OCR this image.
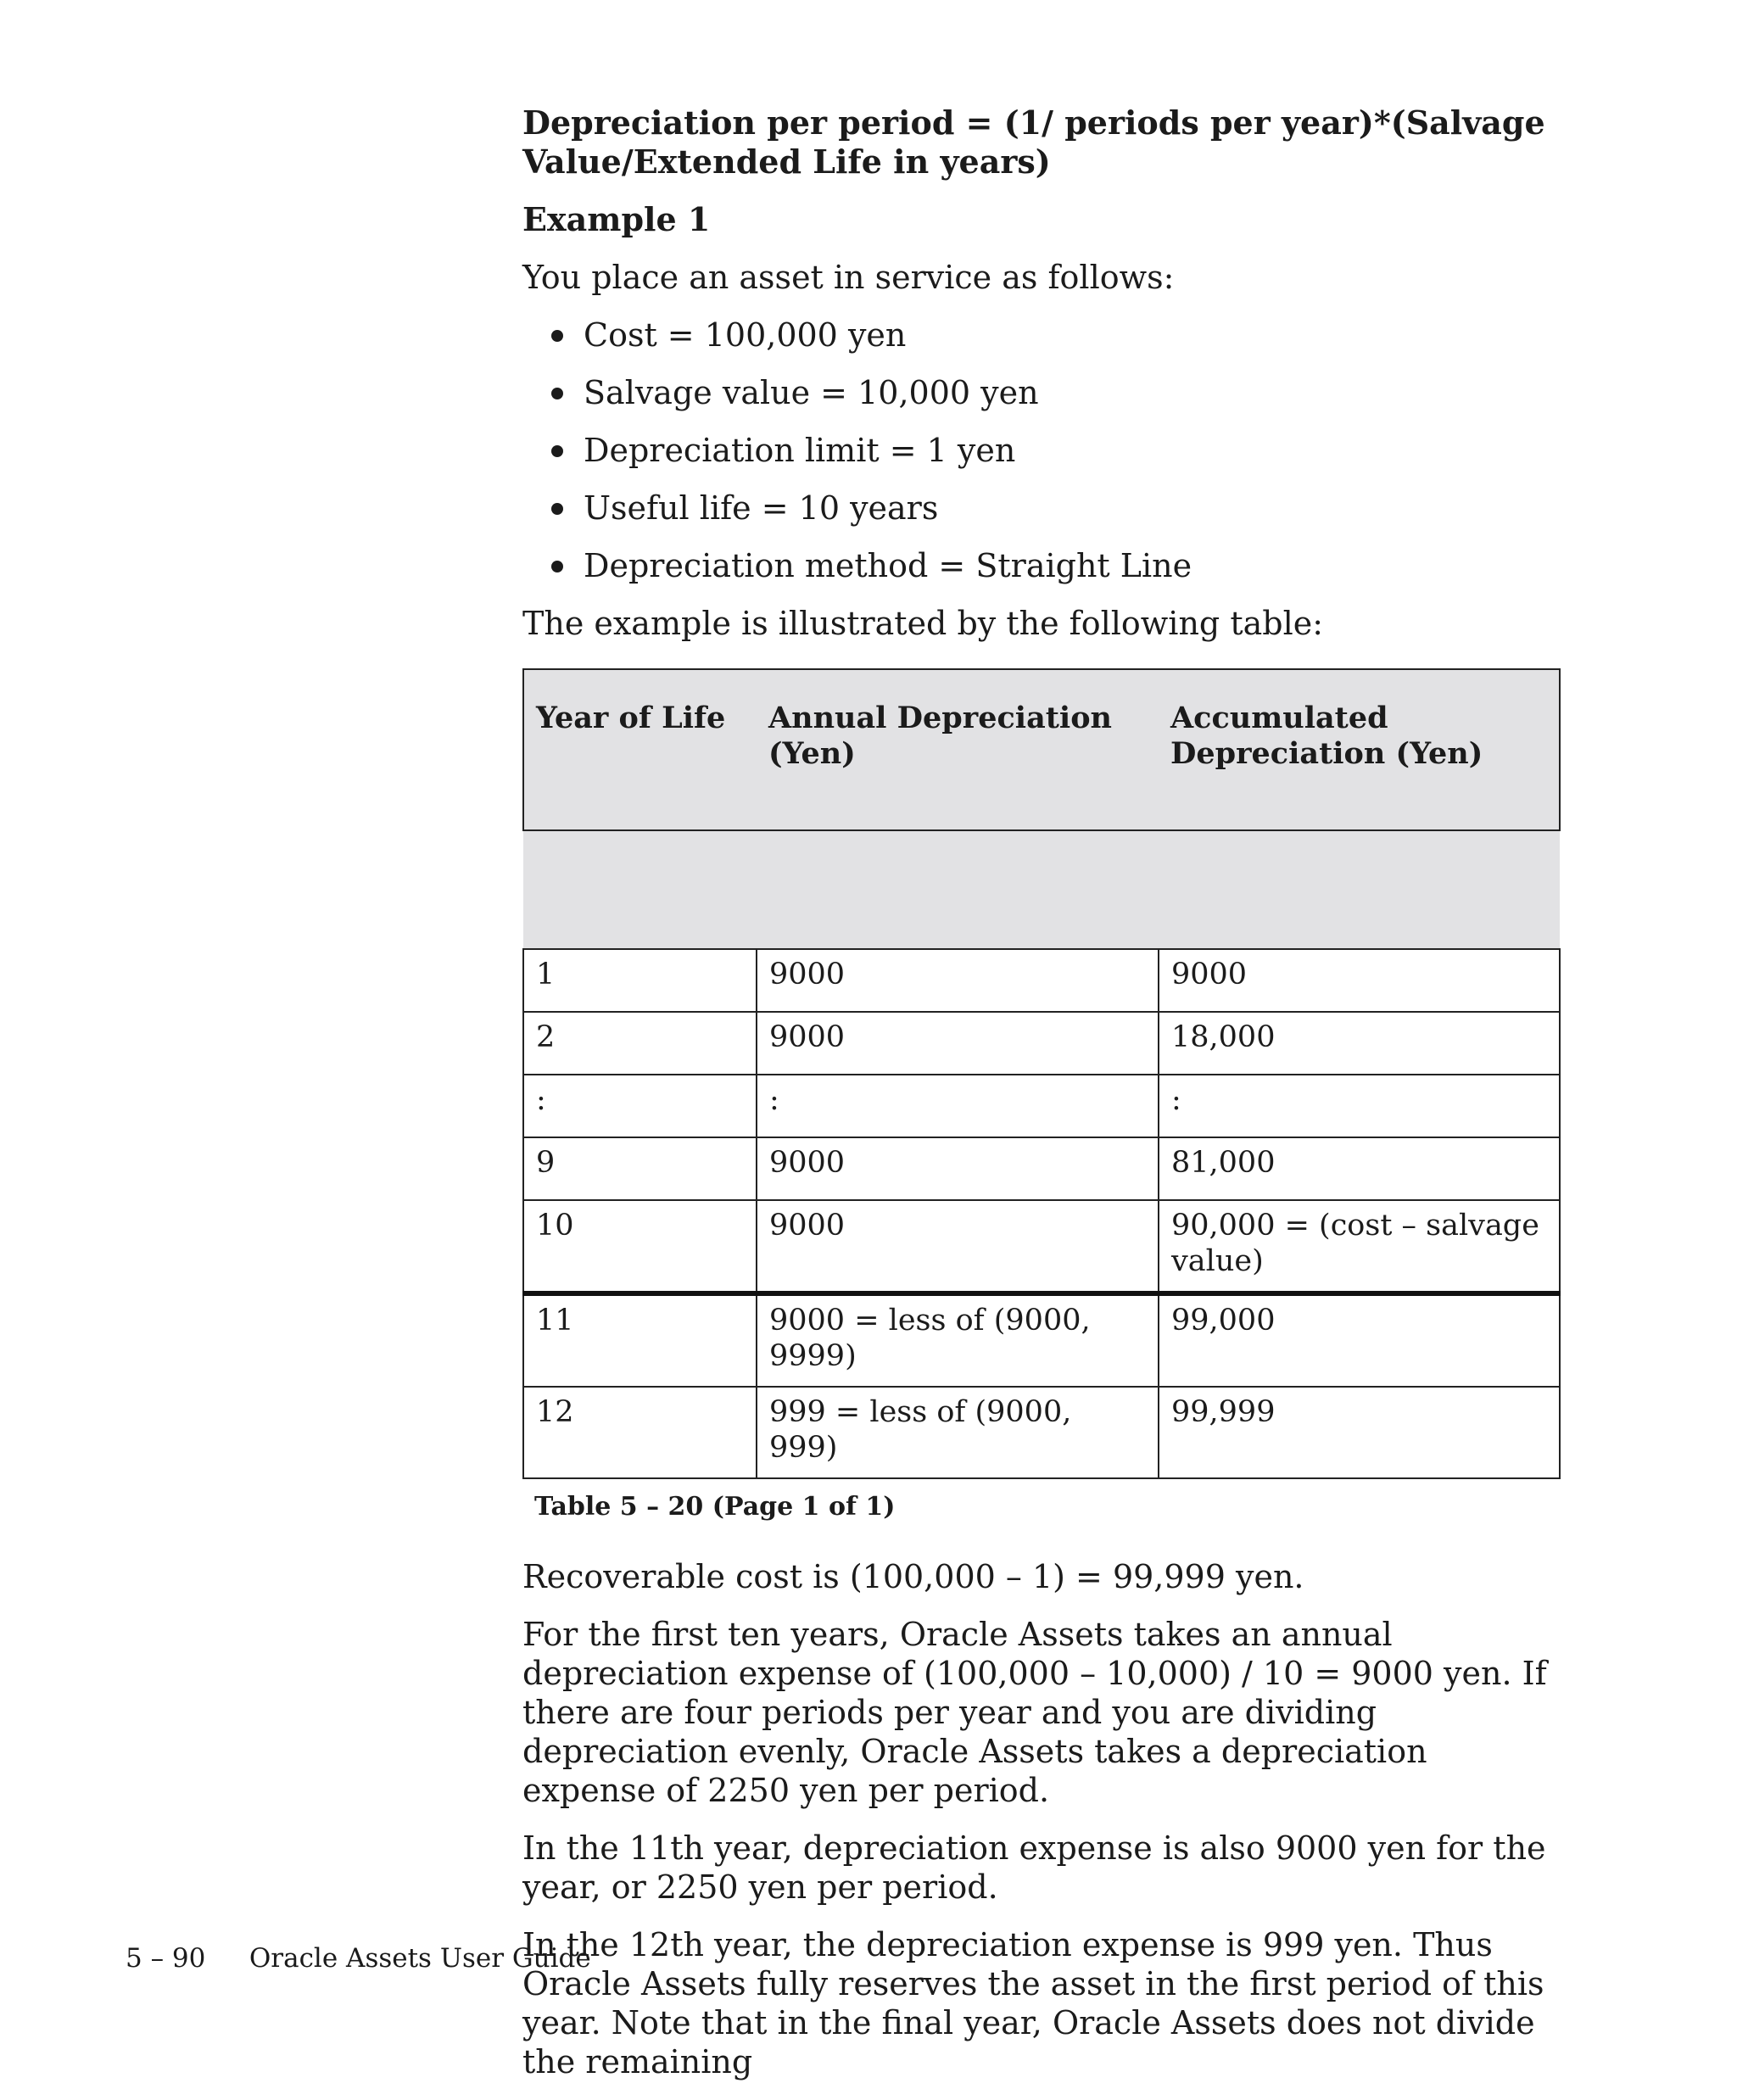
Depreciation per period = (1/ periods per year)*(Salvage Value/Extended Life in years)
Example 1

You place an asset in service as follows:

Cost = 100,000 yen
Salvage value = 10,000 yen
Depreciation limit = 1 yen
Useful life = 10 years
Depreciation method = Straight Line

The example is illustrated by the following table:

Year of Life	Annual Depreciation (Yen)	Accumulated Depreciation (Yen)

1	9000	9000
2	9000	18,000
:	:	:
9	9000	81,000
10	9000	90,000 = (cost – salvage value)
11	9000 = less of (9000, 9999)	99,000
12	999 = less of (9000, 999)	99,999
Table 5 – 20 (Page 1 of 1)

Recoverable cost is (100,000 – 1) = 99,999 yen.

For the first ten years, Oracle Assets takes an annual depreciation expense of (100,000 – 10,000) / 10 = 9000 yen. If there are four periods per year and you are dividing depreciation evenly, Oracle Assets takes a depreciation expense of 2250 yen per period.

In the 11th year, depreciation expense is also 9000 yen for the year, or 2250 yen per period.

In the 12th year, the depreciation expense is 999 yen. Thus Oracle Assets fully reserves the asset in the first period of this year. Note that in the final year, Oracle Assets does not divide the remaining

5 – 90 Oracle Assets User Guide
